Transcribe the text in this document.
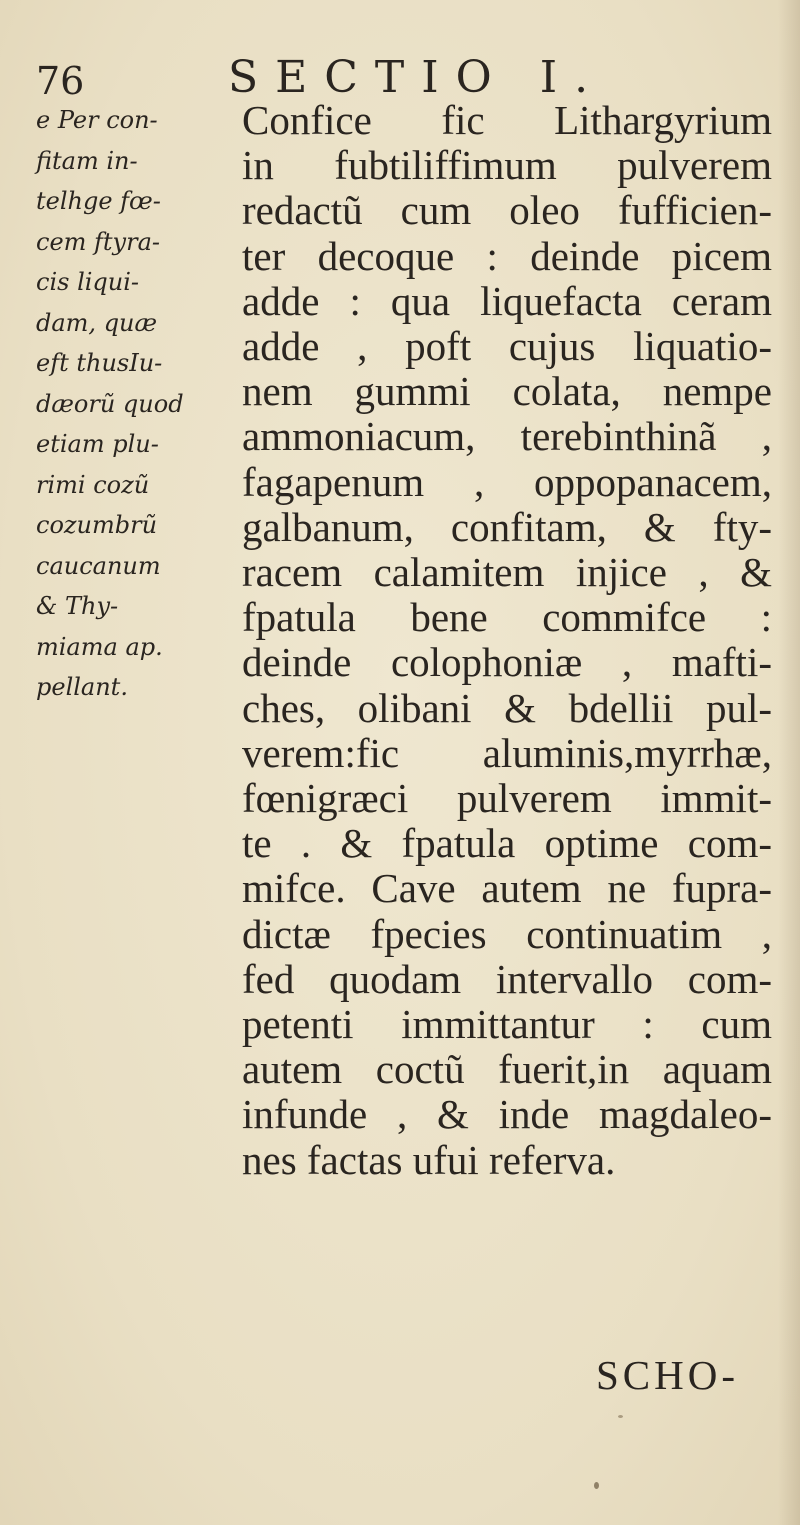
76	SECTIO I.
e Per con-
fitam in-
telhge fœ-
cem ftyra-
cis liqui-
dam, quæ
eft thusIu-
dæorũ quod
etiam plu-
rimi cozũ
cozumbrũ
caucanum
& Thy-
miama ap.
pellant.
Confice fic Lithargyrium
in fubtiliffimum pulverem
redactũ cum oleo fufficien-
ter decoque : deinde picem
adde : qua liquefacta ceram
adde , poft cujus liquatio-
nem gummi colata, nempe
ammoniacum, terebinthinã ,
fagapenum , oppopanacem,
galbanum, confitam, & fty-
racem calamitem injice , &
fpatula bene commifce :
deinde colophoniæ , mafti-
ches, olibani & bdellii pul-
verem:fic aluminis,myrrhæ,
fœnigræci pulverem immit-
te . & fpatula optime com-
mifce. Cave autem ne fupra-
dictæ fpecies continuatim ,
fed quodam intervallo com-
petenti immittantur : cum
autem coctũ fuerit,in aquam
infunde , & inde magdaleo-
nes factas ufui referva.
SCHO-
